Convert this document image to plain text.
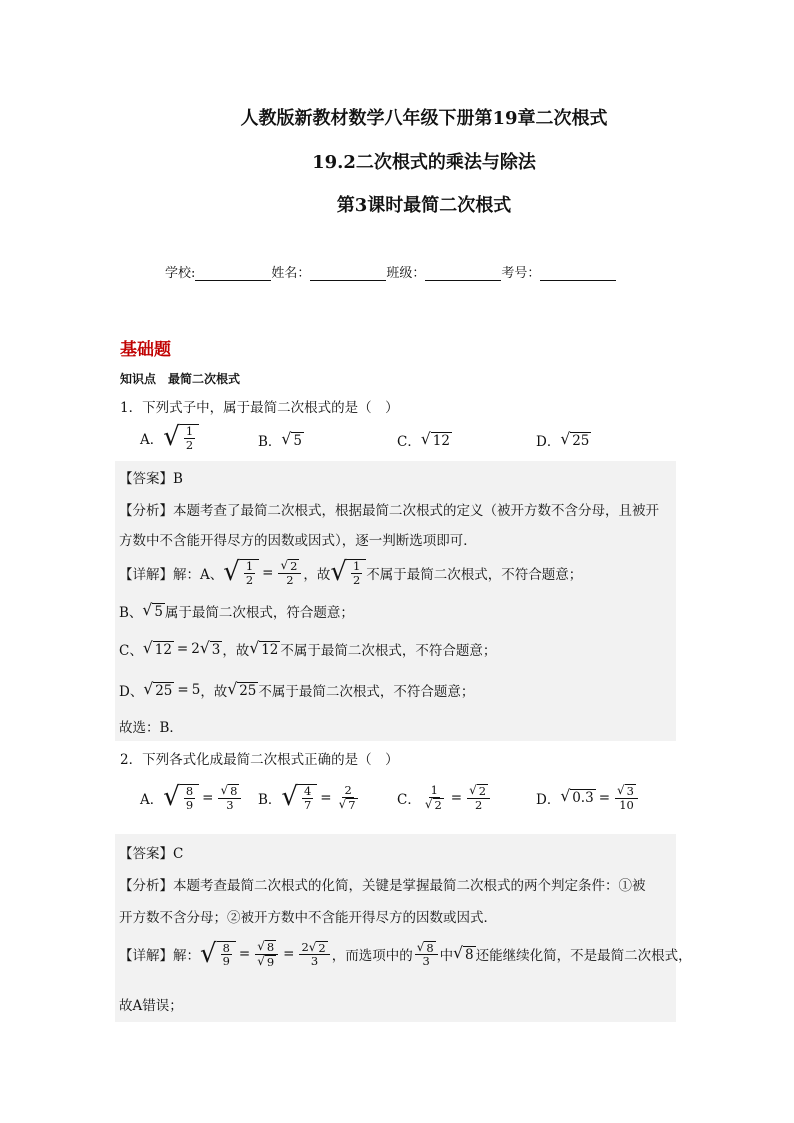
人教版新教材数学八年级下册第19章二次根式
19.2二次根式的乘法与除法
第3课时最简二次根式
学校:	姓名：	班级：	考号：
基础题
知识点　最简二次根式
1．下列式子中，属于最简二次根式的是（　）
A． √ $\frac{1}{2}$	B． √ 5	C． √ 12	D． √ 25
【答案】B
【分析】本题考查了最简二次根式，根据最简二次根式的定义（被开方数不含分母，且被开
方数中不含能开得尽方的因数或因式），逐一判断选项即可．
【详解】解：A、 √ $\frac{1}{2} = \frac{√ 2}{2}$ ，故 √ $\frac{1}{2}$ 不属于最简二次根式，不符合题意；
B、 √ 5 属于最简二次根式，符合题意；
C、 √ 12 = 2 √ 3 ，故 √ 12 不属于最简二次根式，不符合题意；
D、 √ 25 = 5 ，故 √ 25 不属于最简二次根式，不符合题意；
故选：B．
2．下列各式化成最简二次根式正确的是（　）
A． √ $\frac{8}{9} = \frac{√ 8}{3}$ B． √ $\frac{4}{7} = \frac{2}{√ 7}$	C． $\frac{1}{√ 2} = \frac{√ 2}{2}$	D． √ $0.3 = \frac{√ 3}{10}$
【答案】C
【分析】本题考查最简二次根式的化简，关键是掌握最简二次根式的两个判定条件：①被
开方数不含分母；②被开方数中不含能开得尽方的因数或因式．
【详解】解： √ $\frac{8}{9} = \frac{√ 8}{√ 9} = \frac{2 √ 2}{3}$ ，而选项中的 $\frac{√ 8}{3}$ 中 √ 8 还能继续化简，不是最简二次根式，
故A错误；
